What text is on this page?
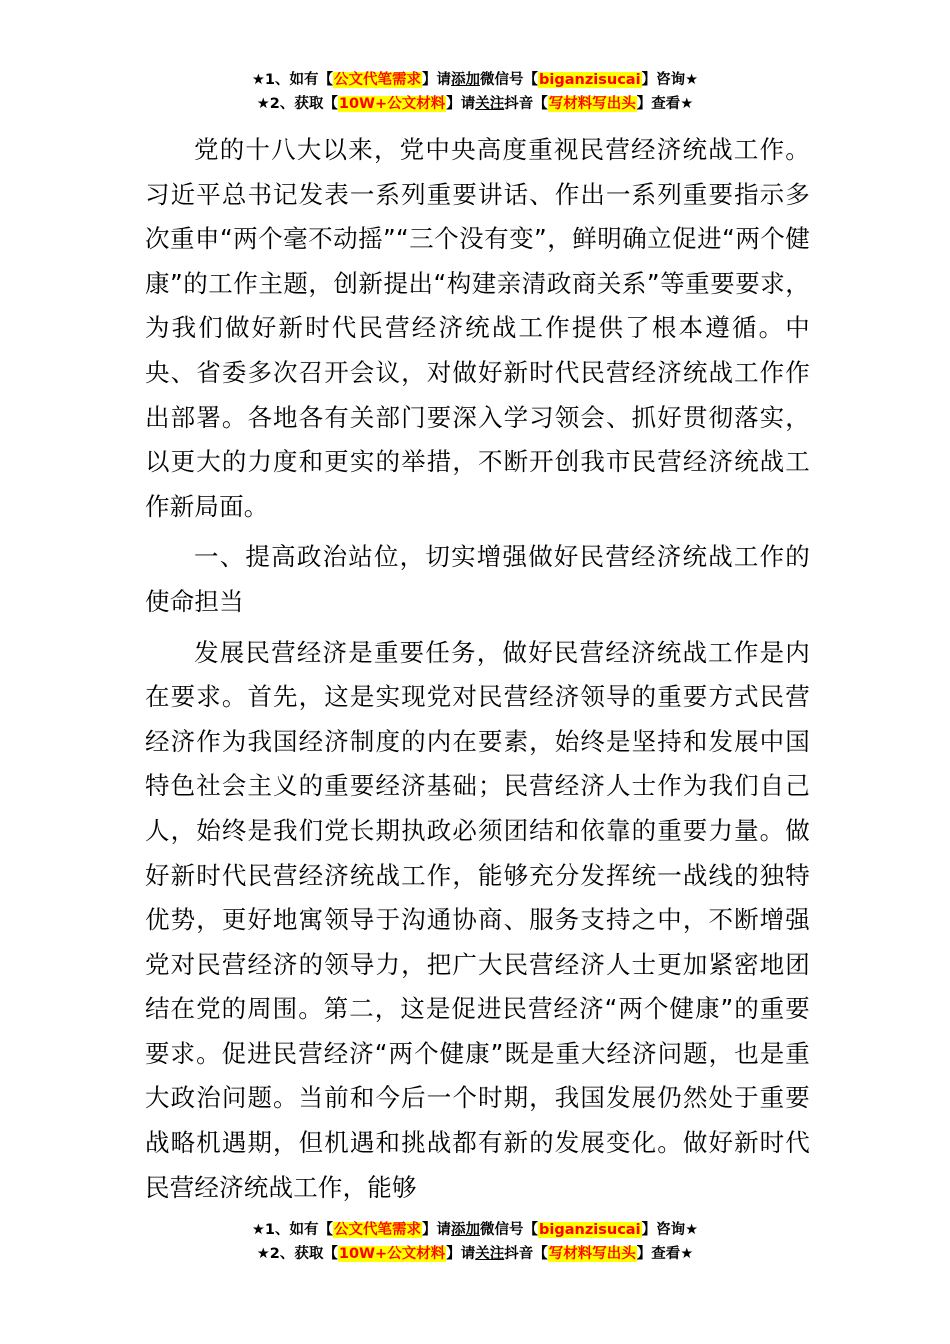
★1、如有【公文代笔需求】请添加微信号【biganzisucai】咨询★
★2、获取【10W+公文材料】请关注抖音【写材料写出头】查看★

党的十八大以来，党中央高度重视民营经济统战工作。习近平总书记发表一系列重要讲话、作出一系列重要指示多次重申“两个毫不动摇”“三个没有变”，鲜明确立促进“两个健康”的工作主题，创新提出“构建亲清政商关系”等重要要求，为我们做好新时代民营经济统战工作提供了根本遵循。中央、省委多次召开会议，对做好新时代民营经济统战工作作出部署。各地各有关部门要深入学习领会、抓好贯彻落实，以更大的力度和更实的举措，不断开创我市民营经济统战工作新局面。

一、提高政治站位，切实增强做好民营经济统战工作的使命担当

发展民营经济是重要任务，做好民营经济统战工作是内在要求。首先，这是实现党对民营经济领导的重要方式民营经济作为我国经济制度的内在要素，始终是坚持和发展中国特色社会主义的重要经济基础；民营经济人士作为我们自己人，始终是我们党长期执政必须团结和依靠的重要力量。做好新时代民营经济统战工作，能够充分发挥统一战线的独特优势，更好地寓领导于沟通协商、服务支持之中，不断增强党对民营经济的领导力，把广大民营经济人士更加紧密地团结在党的周围。第二，这是促进民营经济“两个健康”的重要要求。促进民营经济“两个健康”既是重大经济问题，也是重大政治问题。当前和今后一个时期，我国发展仍然处于重要战略机遇期，但机遇和挑战都有新的发展变化。做好新时代民营经济统战工作，能够

★1、如有【公文代笔需求】请添加微信号【biganzisucai】咨询★
★2、获取【10W+公文材料】请关注抖音【写材料写出头】查看★
